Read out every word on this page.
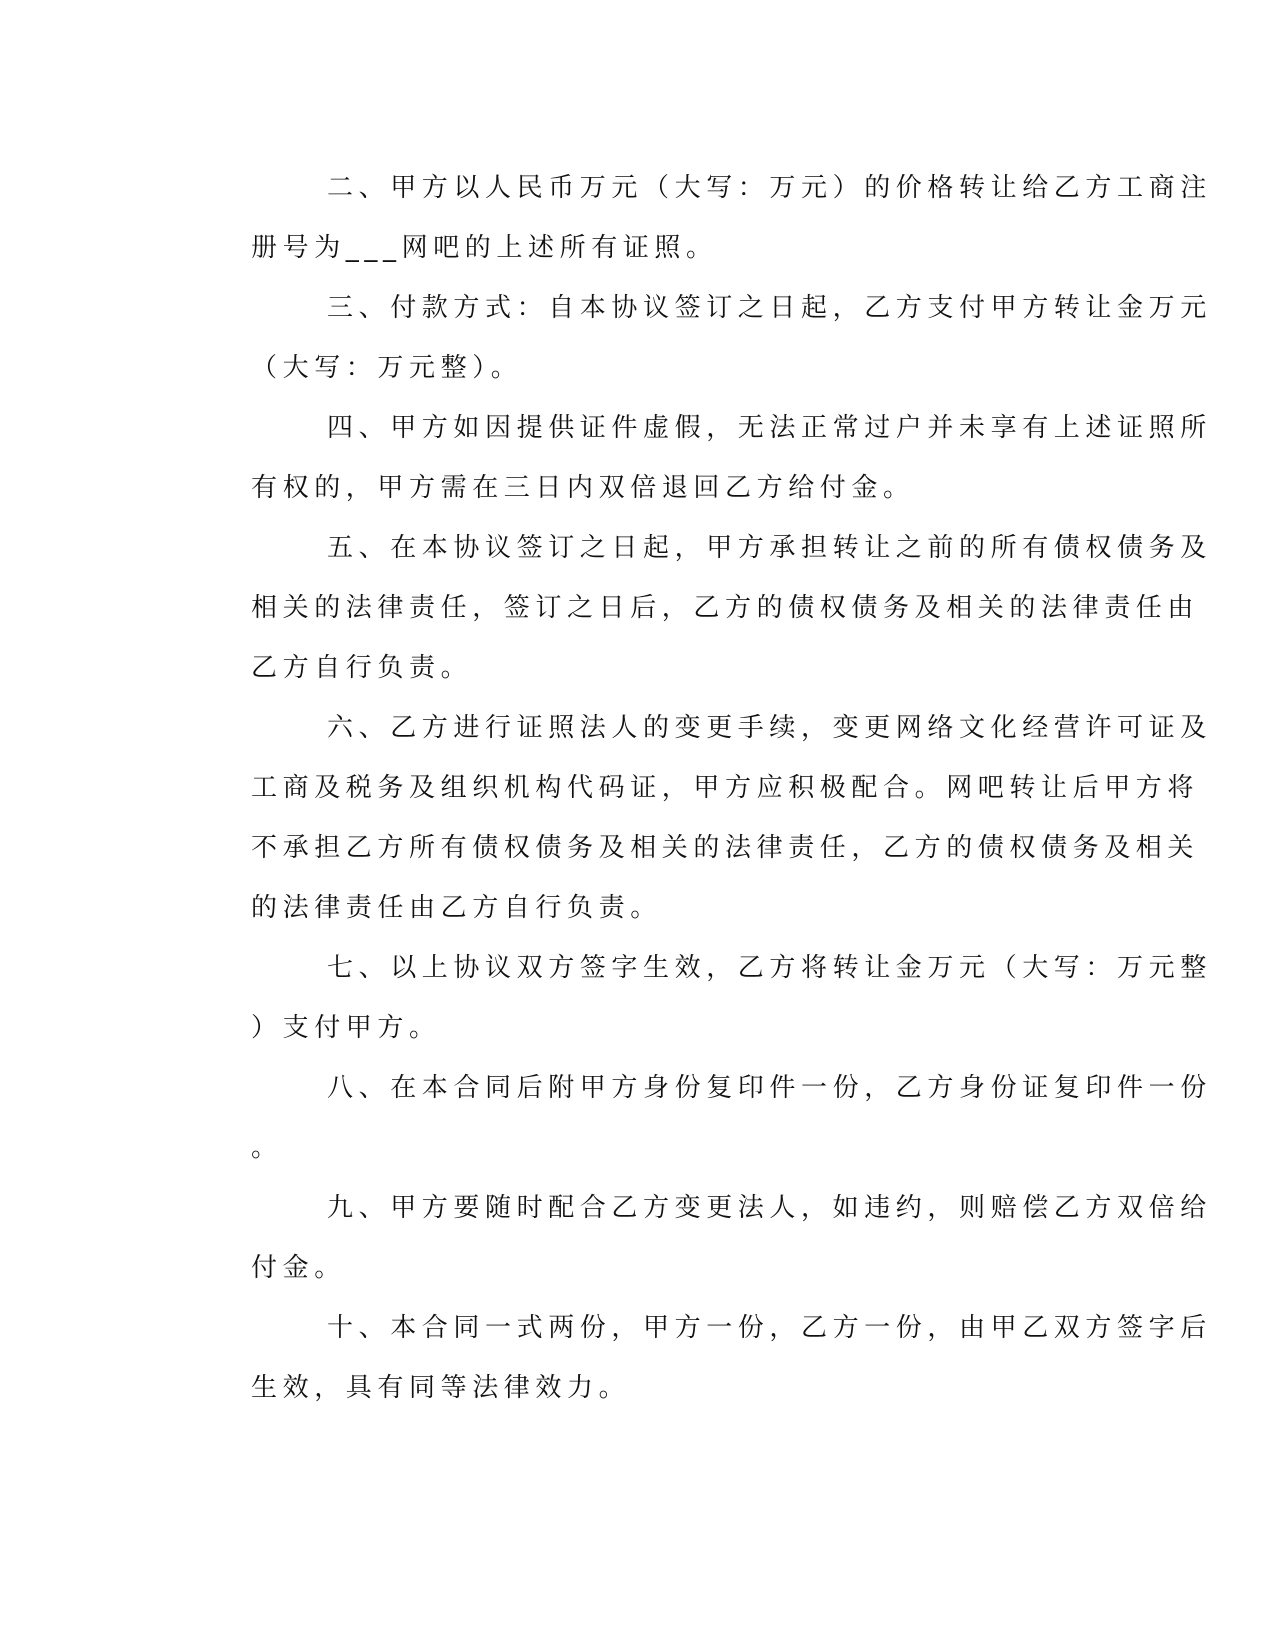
二、甲方以人民币万元（大写：万元）的价格转让给乙方工商注
册号为___网吧的上述所有证照。

三、付款方式：自本协议签订之日起，乙方支付甲方转让金万元
（大写：万元整）。

四、甲方如因提供证件虚假，无法正常过户并未享有上述证照所
有权的，甲方需在三日内双倍退回乙方给付金。

五、在本协议签订之日起，甲方承担转让之前的所有债权债务及
相关的法律责任，签订之日后，乙方的债权债务及相关的法律责任由
乙方自行负责。

六、乙方进行证照法人的变更手续，变更网络文化经营许可证及
工商及税务及组织机构代码证，甲方应积极配合。网吧转让后甲方将
不承担乙方所有债权债务及相关的法律责任，乙方的债权债务及相关
的法律责任由乙方自行负责。

七、以上协议双方签字生效，乙方将转让金万元（大写：万元整
）支付甲方。

八、在本合同后附甲方身份复印件一份，乙方身份证复印件一份
。

九、甲方要随时配合乙方变更法人，如违约，则赔偿乙方双倍给
付金。

十、本合同一式两份，甲方一份，乙方一份，由甲乙双方签字后
生效，具有同等法律效力。
